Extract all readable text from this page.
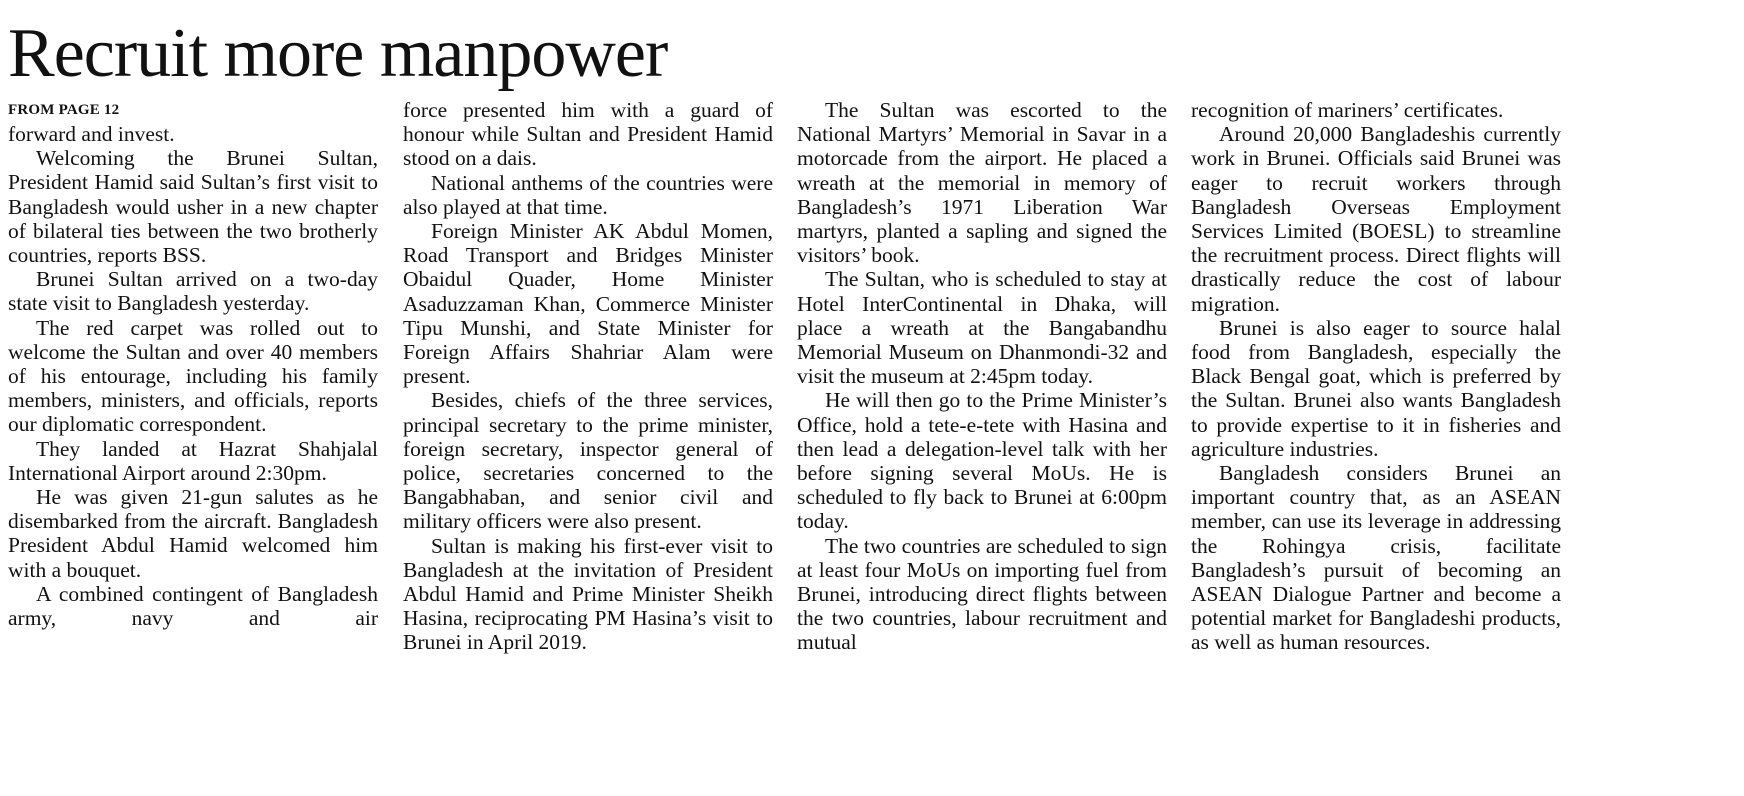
Recruit more manpower
FROM PAGE 12

forward and invest.

Welcoming the Brunei Sultan, President Hamid said Sultan’s first visit to Bangladesh would usher in a new chapter of bilateral ties between the two brotherly countries, reports BSS.

Brunei Sultan arrived on a two-day state visit to Bangladesh yesterday.

The red carpet was rolled out to welcome the Sultan and over 40 members of his entourage, including his family members, ministers, and officials, reports our diplomatic correspondent.

They landed at Hazrat Shahjalal International Airport around 2:30pm.

He was given 21-gun salutes as he disembarked from the aircraft. Bangladesh President Abdul Hamid welcomed him with a bouquet.

A combined contingent of Bangladesh army, navy and air

force presented him with a guard of honour while Sultan and President Hamid stood on a dais.

National anthems of the countries were also played at that time.

Foreign Minister AK Abdul Momen, Road Transport and Bridges Minister Obaidul Quader, Home Minister Asaduzzaman Khan, Commerce Minister Tipu Munshi, and State Minister for Foreign Affairs Shahriar Alam were present.

Besides, chiefs of the three services, principal secretary to the prime minister, foreign secretary, inspector general of police, secretaries concerned to the Bangabhaban, and senior civil and military officers were also present.

Sultan is making his first-ever visit to Bangladesh at the invitation of President Abdul Hamid and Prime Minister Sheikh Hasina, reciprocating PM Hasina’s visit to Brunei in April 2019.

The Sultan was escorted to the National Martyrs’ Memorial in Savar in a motorcade from the airport. He placed a wreath at the memorial in memory of Bangladesh’s 1971 Liberation War martyrs, planted a sapling and signed the visitors’ book.

The Sultan, who is scheduled to stay at Hotel InterContinental in Dhaka, will place a wreath at the Bangabandhu Memorial Museum on Dhanmondi-32 and visit the museum at 2:45pm today.

He will then go to the Prime Minister’s Office, hold a tete-e-tete with Hasina and then lead a delegation-level talk with her before signing several MoUs. He is scheduled to fly back to Brunei at 6:00pm today.

The two countries are scheduled to sign at least four MoUs on importing fuel from Brunei, introducing direct flights between the two countries, labour recruitment and mutual

recognition of mariners’ certificates.

Around 20,000 Bangladeshis currently work in Brunei. Officials said Brunei was eager to recruit workers through Bangladesh Overseas Employment Services Limited (BOESL) to streamline the recruitment process. Direct flights will drastically reduce the cost of labour migration.

Brunei is also eager to source halal food from Bangladesh, especially the Black Bengal goat, which is preferred by the Sultan. Brunei also wants Bangladesh to provide expertise to it in fisheries and agriculture industries.

Bangladesh considers Brunei an important country that, as an ASEAN member, can use its leverage in addressing the Rohingya crisis, facilitate Bangladesh’s pursuit of becoming an ASEAN Dialogue Partner and become a potential market for Bangladeshi products, as well as human resources.
